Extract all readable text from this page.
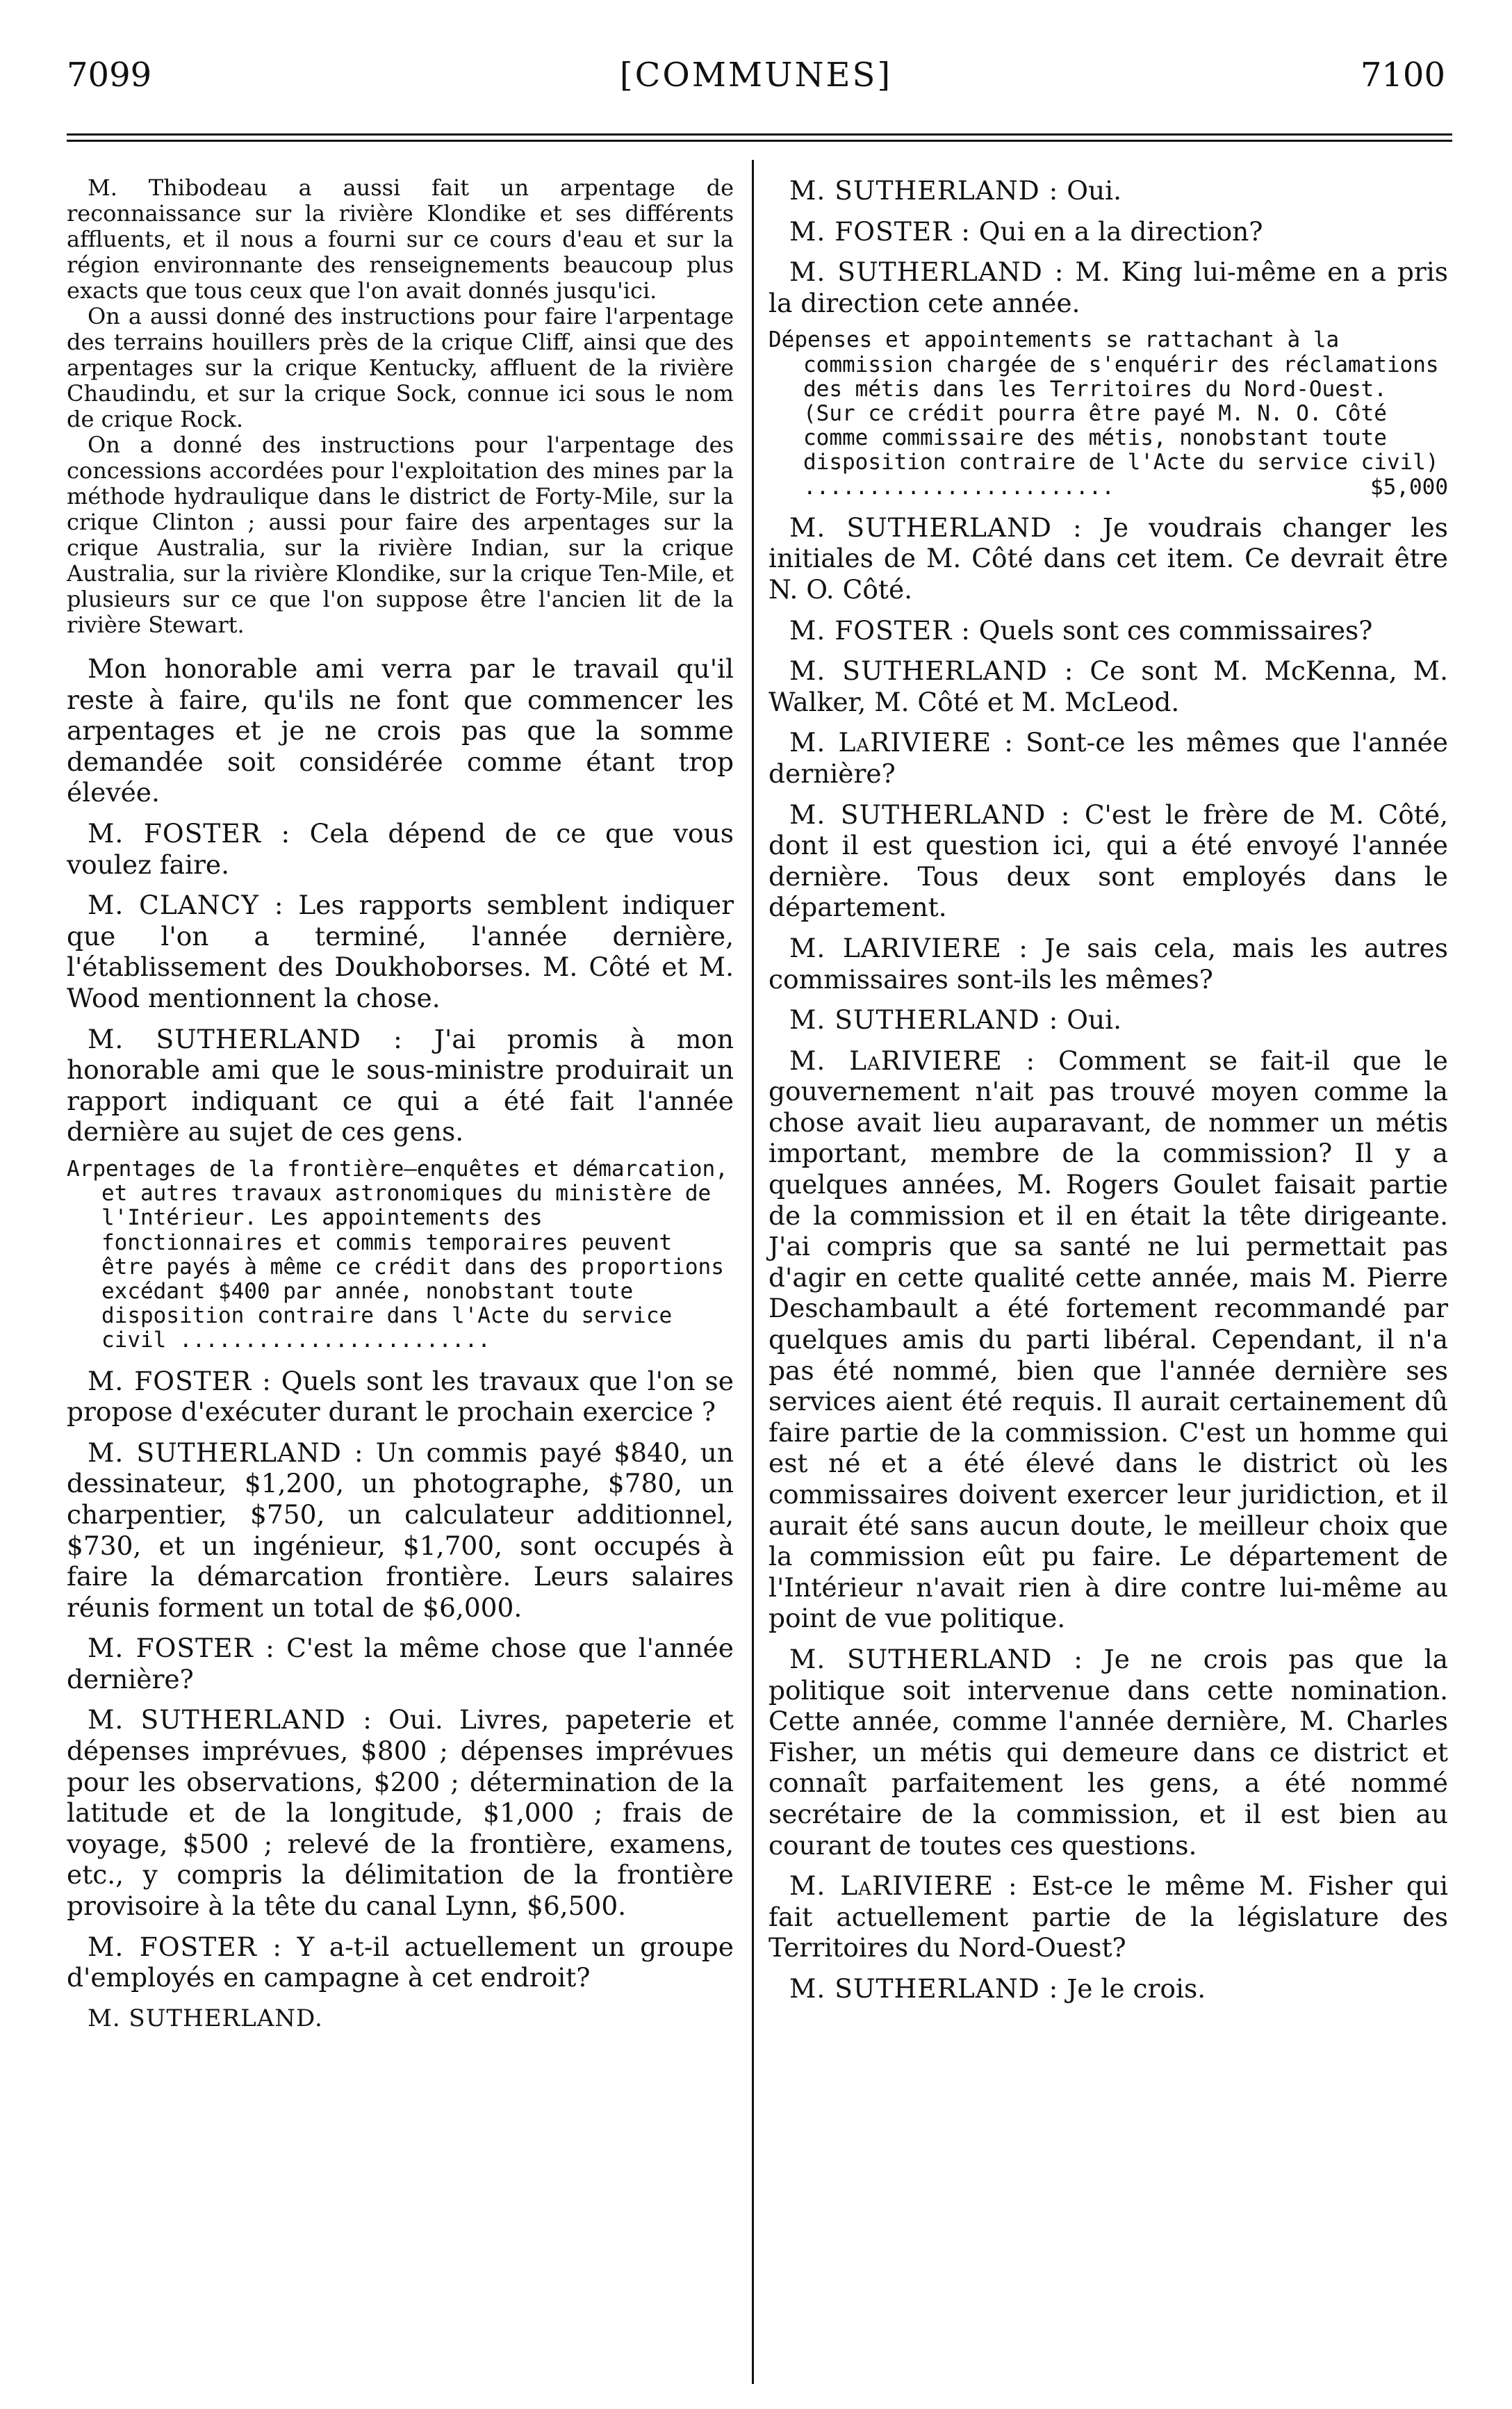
7099	[COMMUNES]	7100

M. Thibodeau a aussi fait un arpentage de reconnaissance sur la rivière Klondike et ses différents affluents, et il nous a fourni sur ce cours d'eau et sur la région environnante des renseignements beaucoup plus exacts que tous ceux que l'on avait donnés jusqu'ici.

On a aussi donné des instructions pour faire l'arpentage des terrains houillers près de la crique Cliff, ainsi que des arpentages sur la crique Kentucky, affluent de la rivière Chaudindu, et sur la crique Sock, connue ici sous le nom de crique Rock.

On a donné des instructions pour l'arpentage des concessions accordées pour l'exploitation des mines par la méthode hydraulique dans le district de Forty-Mile, sur la crique Clinton ; aussi pour faire des arpentages sur la crique Australia, sur la rivière Indian, sur la crique Australia, sur la rivière Klondike, sur la crique Ten-Mile, et plusieurs sur ce que l'on suppose être l'ancien lit de la rivière Stewart.

Mon honorable ami verra par le travail qu'il reste à faire, qu'ils ne font que commencer les arpentages et je ne crois pas que la somme demandée soit considérée comme étant trop élevée.

M. FOSTER : Cela dépend de ce que vous voulez faire.

M. CLANCY : Les rapports semblent indiquer que l'on a terminé, l'année dernière, l'établissement des Doukhoborses. M. Côté et M. Wood mentionnent la chose.

M. SUTHERLAND : J'ai promis à mon honorable ami que le sous-ministre produirait un rapport indiquant ce qui a été fait l'année dernière au sujet de ces gens.

Arpentages de la frontière—enquêtes et démarcation, et autres travaux astronomiques du ministère de l'Intérieur. Les appointements des fonctionnaires et commis temporaires peuvent être payés à même ce crédit dans des proportions excédant $400 par année, nonobstant toute disposition contraire dans l'Acte du service civil ........................

M. FOSTER : Quels sont les travaux que l'on se propose d'exécuter durant le prochain exercice ?

M. SUTHERLAND : Un commis payé $840, un dessinateur, $1,200, un photographe, $780, un charpentier, $750, un calculateur additionnel, $730, et un ingénieur, $1,700, sont occupés à faire la démarcation frontière. Leurs salaires réunis forment un total de $6,000.

M. FOSTER : C'est la même chose que l'année dernière?

M. SUTHERLAND : Oui. Livres, papeterie et dépenses imprévues, $800 ; dépenses imprévues pour les observations, $200 ; détermination de la latitude et de la longitude, $1,000 ; frais de voyage, $500 ; relevé de la frontière, examens, etc., y compris la délimitation de la frontière provisoire à la tête du canal Lynn, $6,500.

M. FOSTER : Y a-t-il actuellement un groupe d'employés en campagne à cet endroit?

M. SUTHERLAND.

M. SUTHERLAND : Oui.

M. FOSTER : Qui en a la direction?

M. SUTHERLAND : M. King lui-même en a pris la direction cete année.

Dépenses et appointements se rattachant à la commission chargée de s'enquérir des réclamations des métis dans les Territoires du Nord-Ouest. (Sur ce crédit pourra être payé M. N. O. Côté comme commissaire des métis, nonobstant toute disposition contraire de l'Acte du service civil) ........................	$5,000

M. SUTHERLAND : Je voudrais changer les initiales de M. Côté dans cet item. Ce devrait être N. O. Côté.

M. FOSTER : Quels sont ces commissaires?

M. SUTHERLAND : Ce sont M. McKenna, M. Walker, M. Côté et M. McLeod.

M. LaRIVIERE : Sont-ce les mêmes que l'année dernière?

M. SUTHERLAND : C'est le frère de M. Côté, dont il est question ici, qui a été envoyé l'année dernière. Tous deux sont employés dans le département.

M. LARIVIERE : Je sais cela, mais les autres commissaires sont-ils les mêmes?

M. SUTHERLAND : Oui.

M. LaRIVIERE : Comment se fait-il que le gouvernement n'ait pas trouvé moyen comme la chose avait lieu auparavant, de nommer un métis important, membre de la commission? Il y a quelques années, M. Rogers Goulet faisait partie de la commission et il en était la tête dirigeante. J'ai compris que sa santé ne lui permettait pas d'agir en cette qualité cette année, mais M. Pierre Deschambault a été fortement recommandé par quelques amis du parti libéral. Cependant, il n'a pas été nommé, bien que l'année dernière ses services aient été requis. Il aurait certainement dû faire partie de la commission. C'est un homme qui est né et a été élevé dans le district où les commissaires doivent exercer leur juridiction, et il aurait été sans aucun doute, le meilleur choix que la commission eût pu faire. Le département de l'Intérieur n'avait rien à dire contre lui-même au point de vue politique.

M. SUTHERLAND : Je ne crois pas que la politique soit intervenue dans cette nomination. Cette année, comme l'année dernière, M. Charles Fisher, un métis qui demeure dans ce district et connaît parfaitement les gens, a été nommé secrétaire de la commission, et il est bien au courant de toutes ces questions.

M. LaRIVIERE : Est-ce le même M. Fisher qui fait actuellement partie de la législature des Territoires du Nord-Ouest?

M. SUTHERLAND : Je le crois.
